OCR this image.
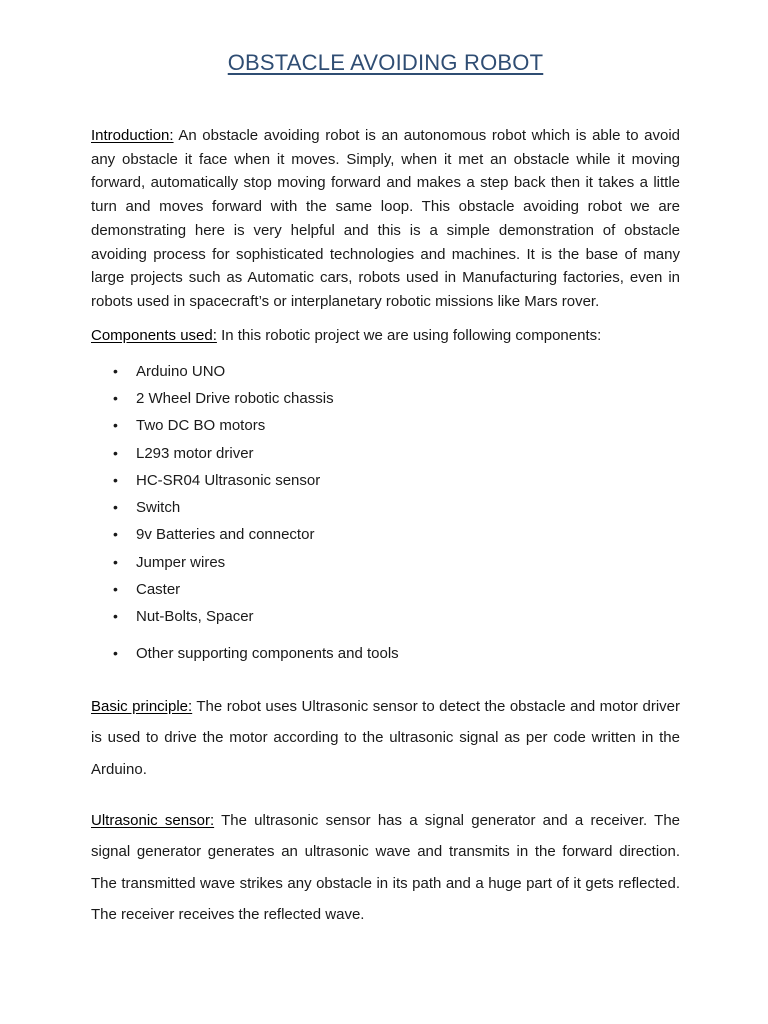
OBSTACLE AVOIDING ROBOT

Introduction: An obstacle avoiding robot is an autonomous robot which is able to avoid any obstacle it face when it moves. Simply, when it met an obstacle while it moving forward, automatically stop moving forward and makes a step back then it takes a little turn and moves forward with the same loop. This obstacle avoiding robot we are demonstrating here is very helpful and this is a simple demonstration of obstacle avoiding process for sophisticated technologies and machines. It is the base of many large projects such as Automatic cars, robots used in Manufacturing factories, even in robots used in spacecraft’s or interplanetary robotic missions like Mars rover.

Components used: In this robotic project we are using following components:

• Arduino UNO
• 2 Wheel Drive robotic chassis
• Two DC BO motors
• L293 motor driver
• HC-SR04 Ultrasonic sensor
• Switch
• 9v Batteries and connector
• Jumper wires
• Caster
• Nut-Bolts, Spacer
• Other supporting components and tools

Basic principle: The robot uses Ultrasonic sensor to detect the obstacle and motor driver is used to drive the motor according to the ultrasonic signal as per code written in the Arduino.

Ultrasonic sensor: The ultrasonic sensor has a signal generator and a receiver. The signal generator generates an ultrasonic wave and transmits in the forward direction. The transmitted wave strikes any obstacle in its path and a huge part of it gets reflected. The receiver receives the reflected wave.
